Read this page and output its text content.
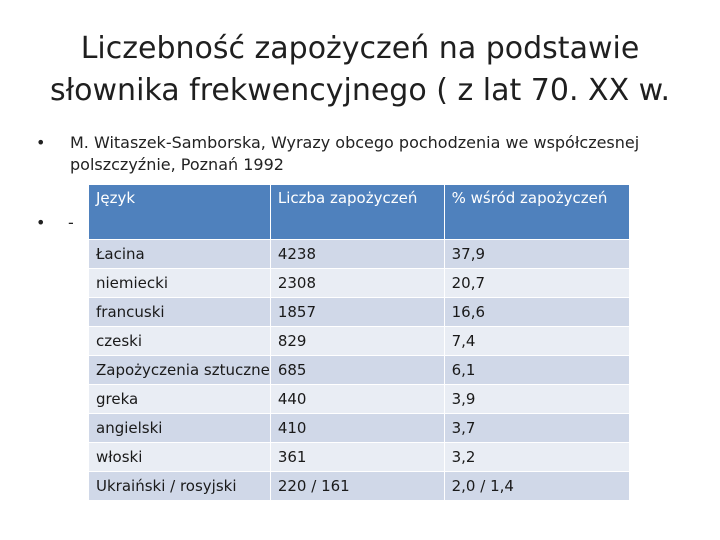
Liczebność zapożyczeń na podstawie
słownika frekwencyjnego ( z lat 70. XX w.
• M. Witaszek-Samborska, Wyrazy obcego pochodzenia we współczesnej polszczyźnie, Poznań 1992
• -
Język	Liczba zapożyczeń	% wśród zapożyczeń
Łacina	4238	37,9
niemiecki	2308	20,7
francuski	1857	16,6
czeski	829	7,4
Zapożyczenia sztuczne	685	6,1
greka	440	3,9
angielski	410	3,7
włoski	361	3,2
Ukraiński / rosyjski	220 / 161	2,0 / 1,4
